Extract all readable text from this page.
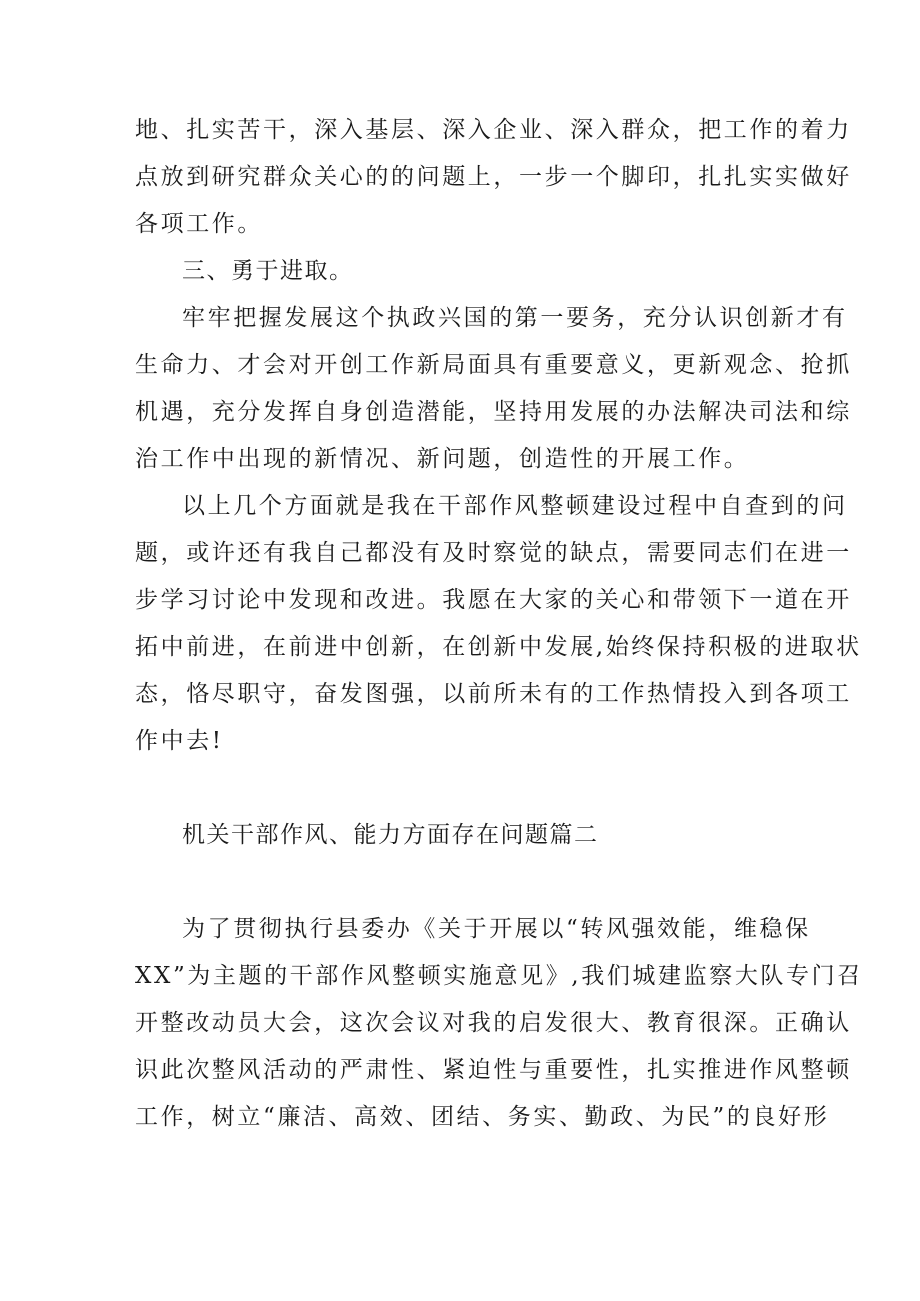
地、扎实苦干，深入基层、深入企业、深入群众，把工作的着力
点放到研究群众关心的的问题上，一步一个脚印，扎扎实实做好
各项工作。
三、勇于进取。
牢牢把握发展这个执政兴国的第一要务，充分认识创新才有
生命力、才会对开创工作新局面具有重要意义，更新观念、抢抓
机遇，充分发挥自身创造潜能，坚持用发展的办法解决司法和综
治工作中出现的新情况、新问题，创造性的开展工作。
以上几个方面就是我在干部作风整顿建设过程中自查到的问
题，或许还有我自己都没有及时察觉的缺点，需要同志们在进一
步学习讨论中发现和改进。我愿在大家的关心和带领下一道在开
拓中前进，在前进中创新，在创新中发展,始终保持积极的进取状
态，恪尽职守，奋发图强，以前所未有的工作热情投入到各项工
作中去!
机关干部作风、能力方面存在问题篇二
为了贯彻执行县委办《关于开展以“转风强效能，维稳保
XX”为主题的干部作风整顿实施意见》,我们城建监察大队专门召
开整改动员大会，这次会议对我的启发很大、教育很深。正确认
识此次整风活动的严肃性、紧迫性与重要性，扎实推进作风整顿
工作，树立“廉洁、高效、团结、务实、勤政、为民”的良好形
